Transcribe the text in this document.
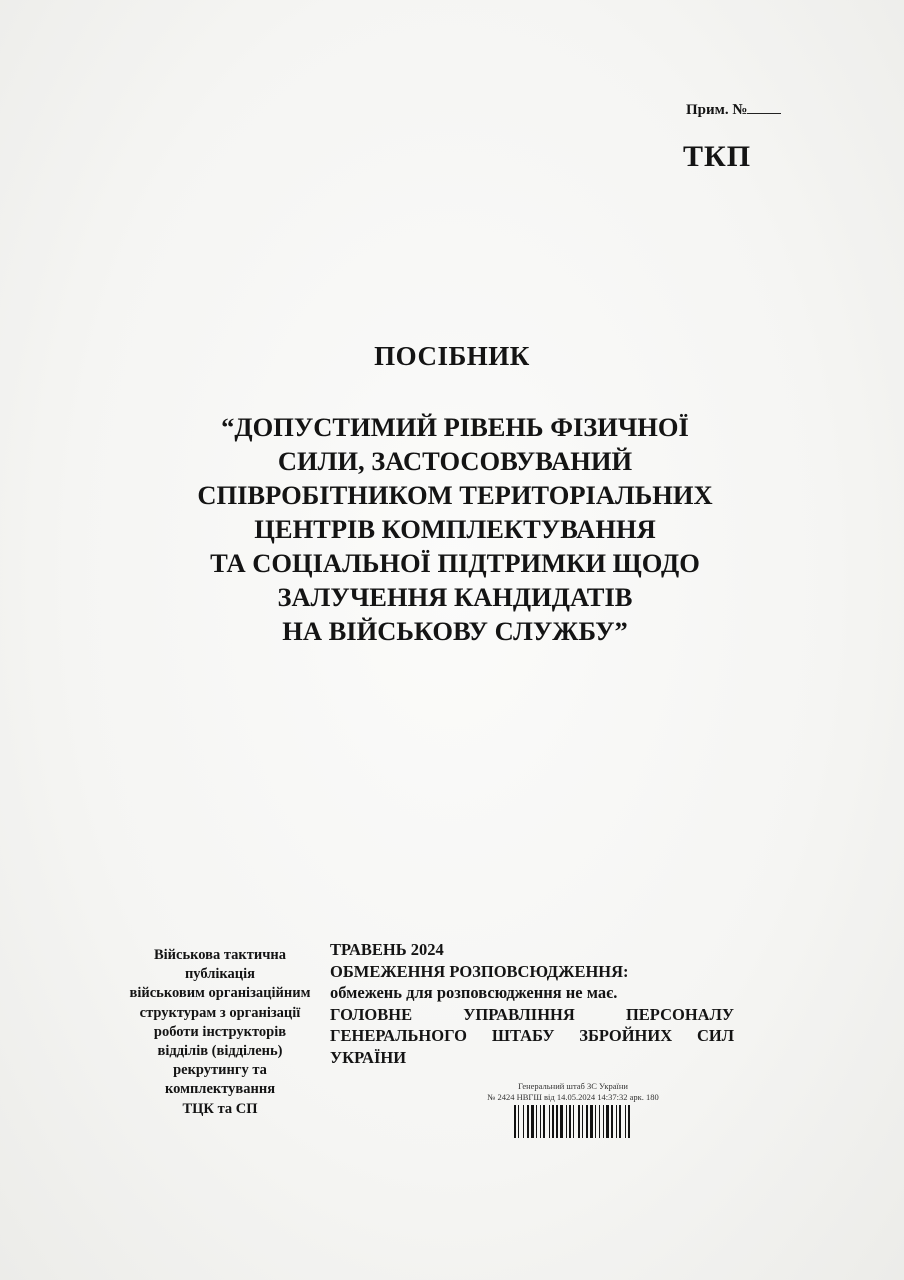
Прим. №
ТКП
ПОСІБНИК
“ДОПУСТИМИЙ РІВЕНЬ ФІЗИЧНОЇ
СИЛИ, ЗАСТОСОВУВАНИЙ
СПІВРОБІТНИКОМ ТЕРИТОРІАЛЬНИХ
ЦЕНТРІВ КОМПЛЕКТУВАННЯ
ТА СОЦІАЛЬНОЇ ПІДТРИМКИ ЩОДО
ЗАЛУЧЕННЯ КАНДИДАТІВ
НА ВІЙСЬКОВУ СЛУЖБУ”
Військова тактична
публікація
військовим організаційним
структурам з організації
роботи інструкторів
відділів (відділень)
рекрутингу та
комплектування
ТЦК та СП
ТРАВЕНЬ 2024
ОБМЕЖЕННЯ РОЗПОВСЮДЖЕННЯ:
обмежень для розповсюдження не має.
ГОЛОВНЕ УПРАВЛІННЯ ПЕРСОНАЛУ
ГЕНЕРАЛЬНОГО ШТАБУ ЗБРОЙНИХ СИЛ
УКРАЇНИ
Генеральний штаб ЗС України
№ 2424 НВГШ від 14.05.2024 14:37:32 арк. 180
